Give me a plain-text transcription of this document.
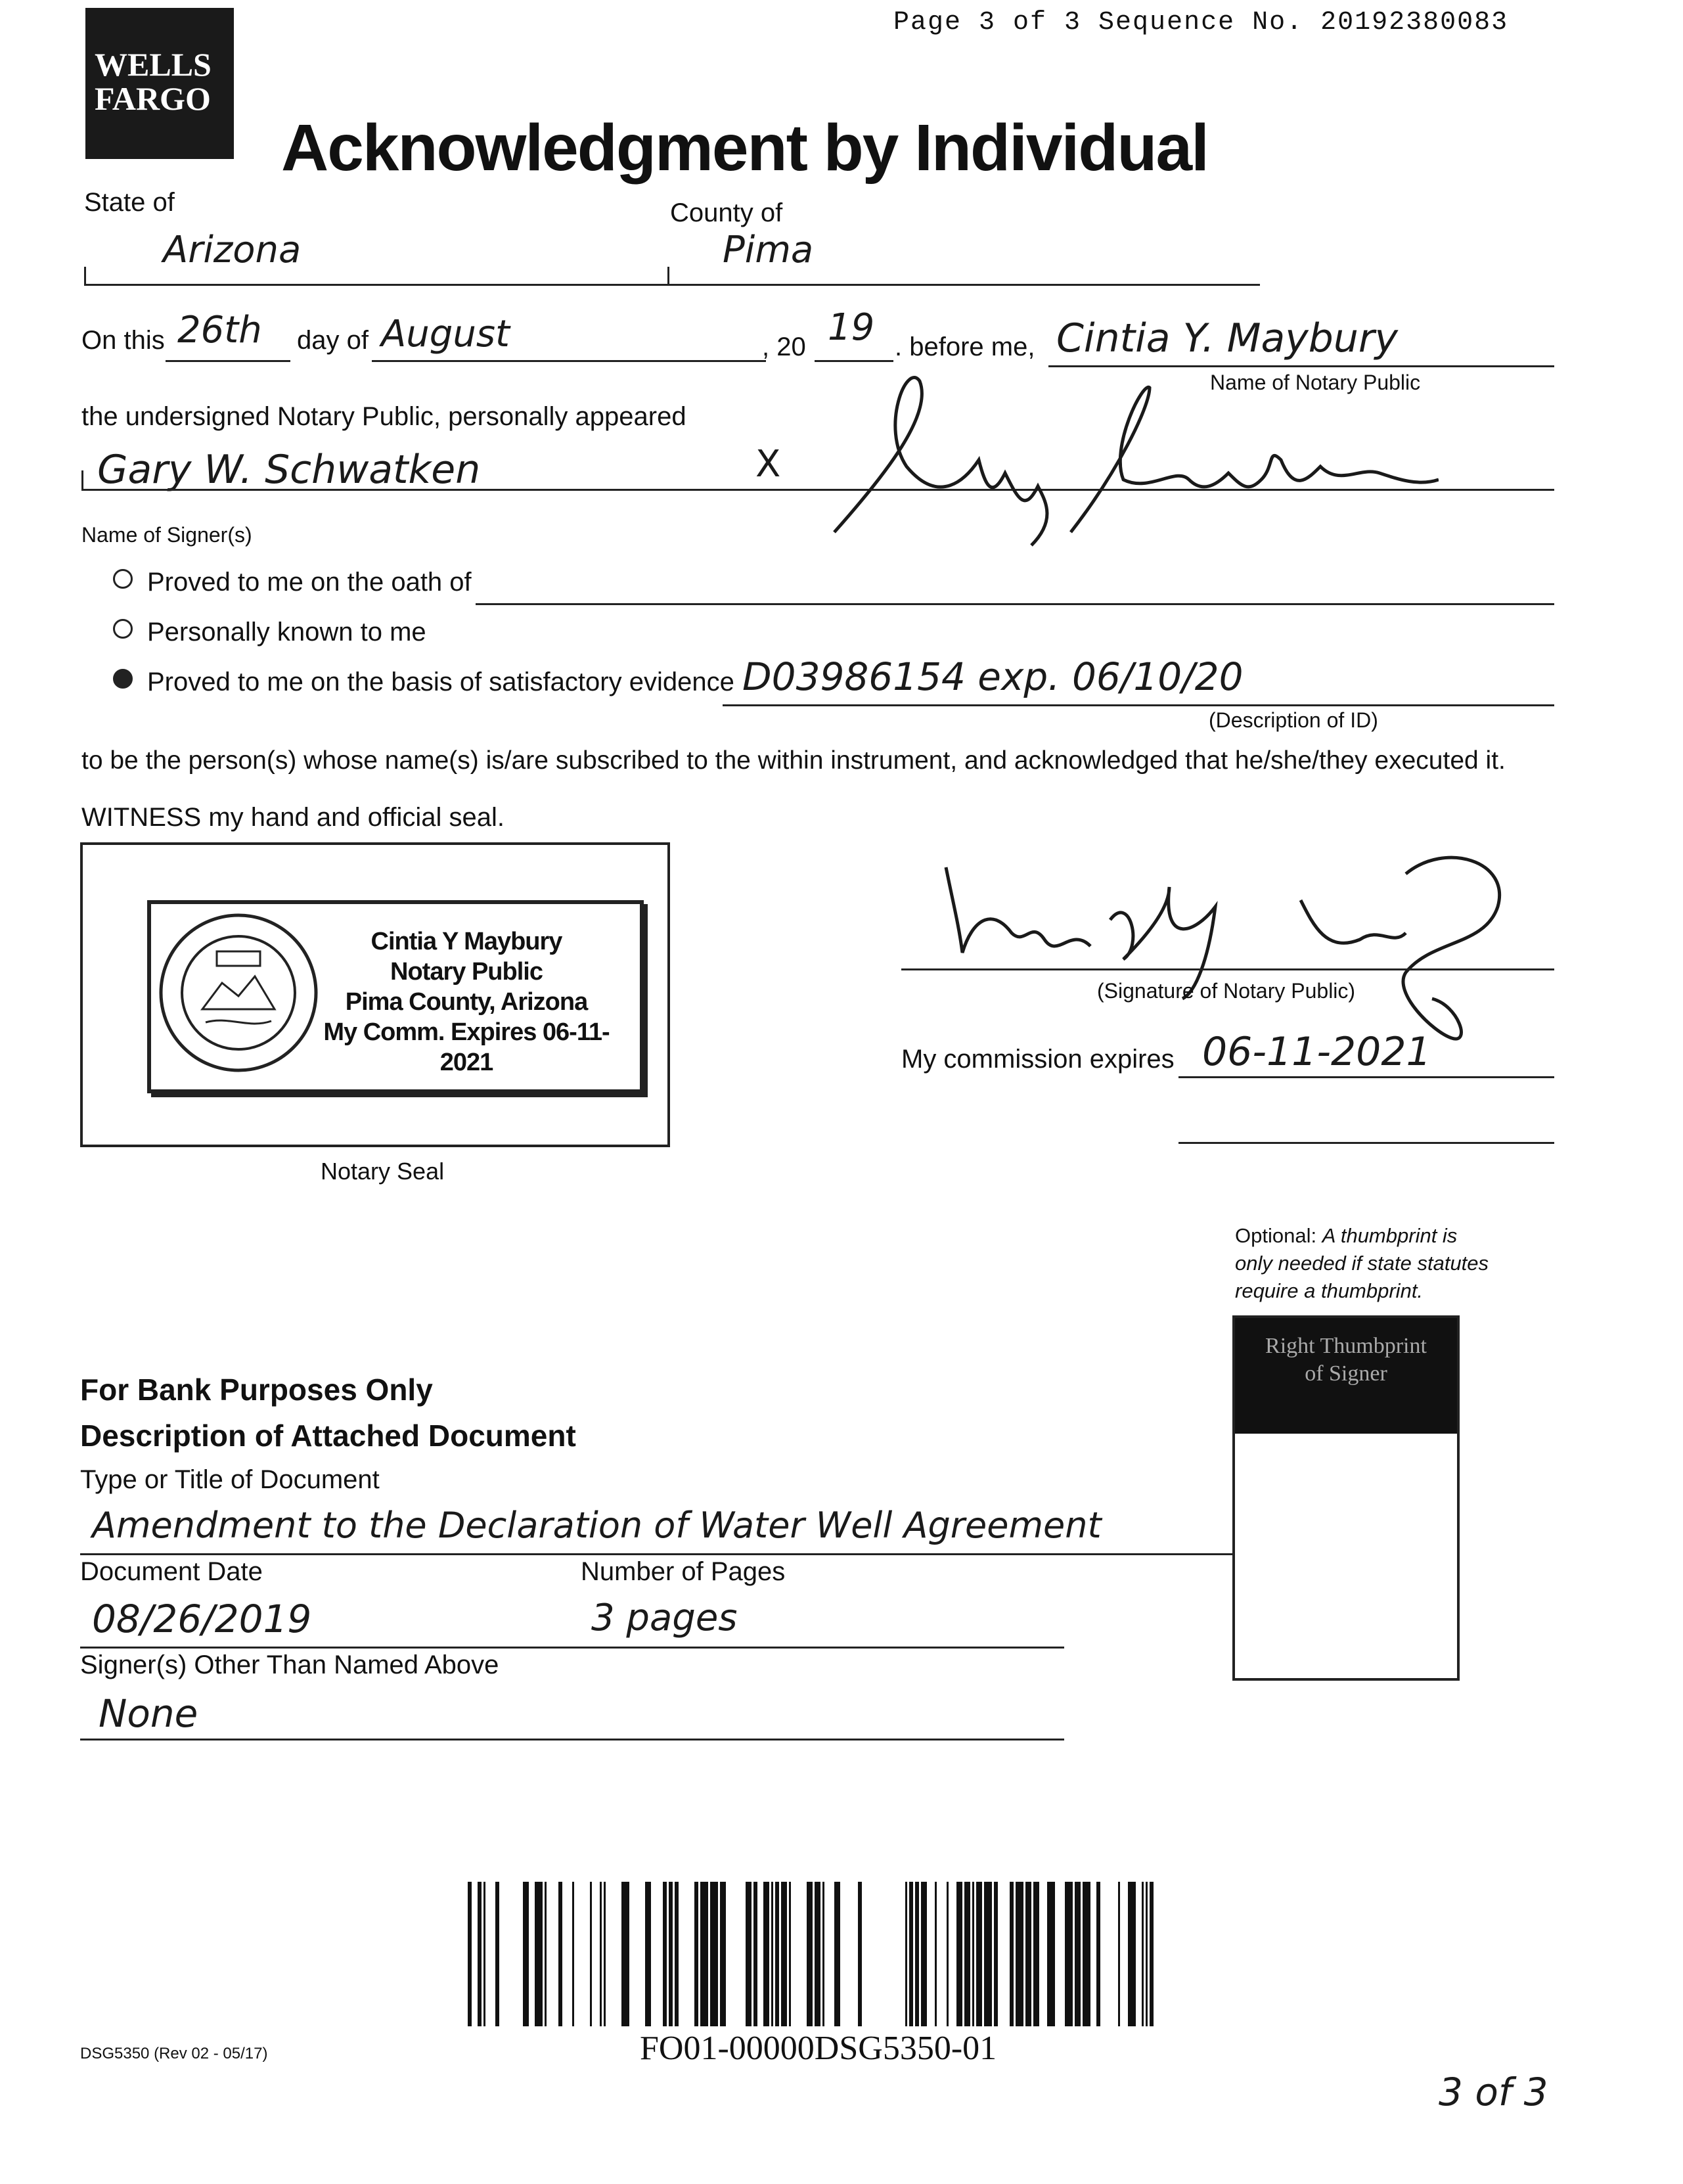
Page 3 of 3 Sequence No. 20192380083
WELLS
FARGO
Acknowledgment by Individual
State of	County of
Arizona	Pima
On this 26th day of August	, 20 19 . before me, Cintia Y. Maybury
Name of Notary Public
the undersigned Notary Public, personally appeared
Gary W. Schwatken	X
Name of Signer(s)
Proved to me on the oath of
Personally known to me
Proved to me on the basis of satisfactory evidence D03986154 exp. 06/10/20
(Description of ID)
to be the person(s) whose name(s) is/are subscribed to the within instrument, and acknowledged that he/she/they executed it.
WITNESS my hand and official seal.
Cintia Y Maybury
Notary Public
Pima County, Arizona
My Comm. Expires 06-11-2021
Notary Seal
(Signature of Notary Public)
My commission expires 06-11-2021
Optional: A thumbprint is
only needed if state statutes
require a thumbprint.
Right Thumbprint
of Signer
For Bank Purposes Only
Description of Attached Document
Type or Title of Document
Amendment to the Declaration of Water Well Agreement
Document Date	Number of Pages
08/26/2019	3 pages
Signer(s) Other Than Named Above
None
FO01-00000DSG5350-01
DSG5350 (Rev 02 - 05/17)
3 of 3
